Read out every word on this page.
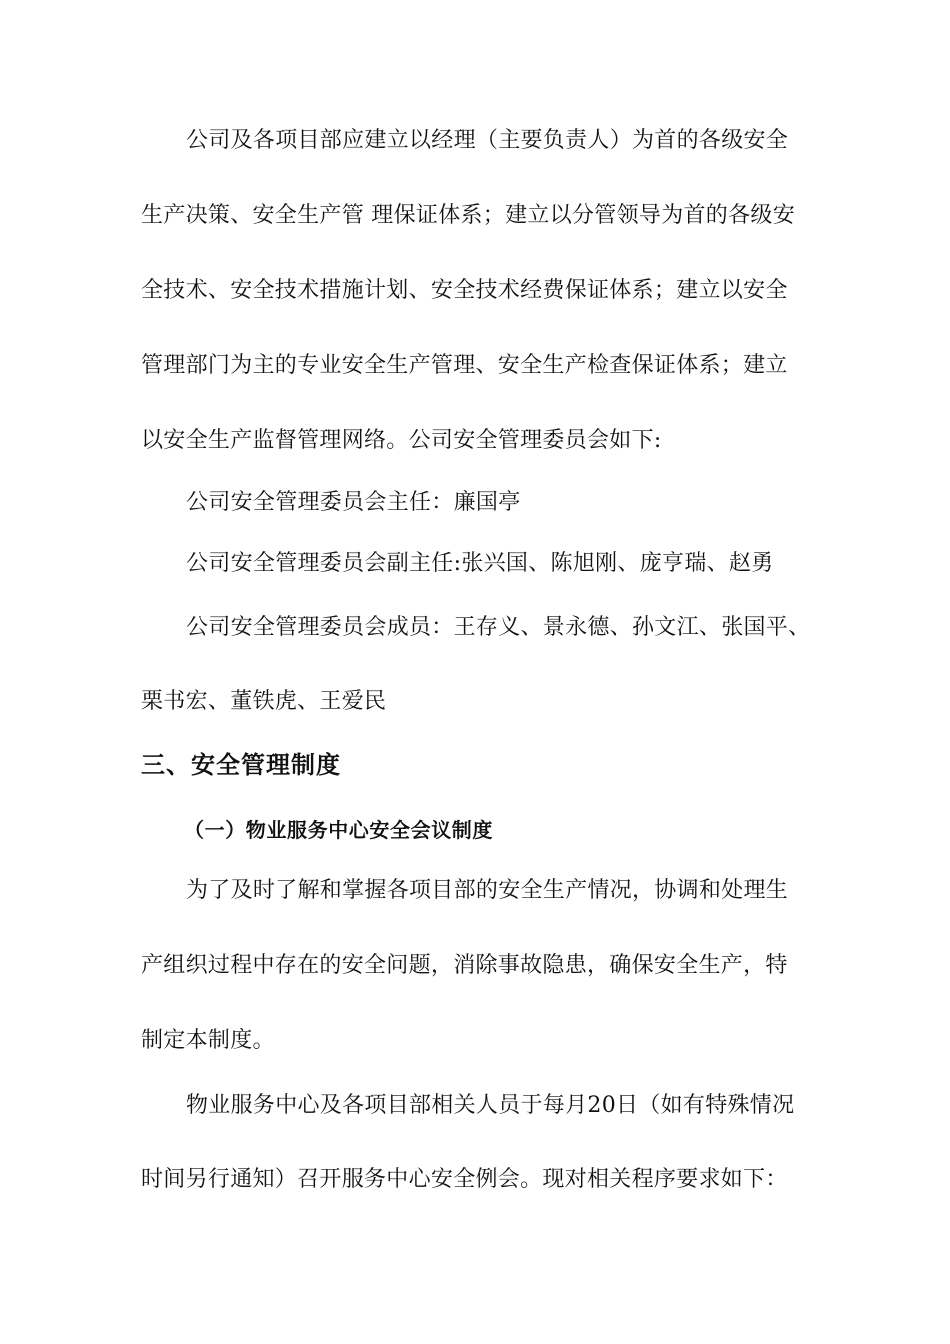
公司及各项目部应建立以经理（主要负责人）为首的各级安全
生产决策、安全生产管 理保证体系；建立以分管领导为首的各级安
全技术、安全技术措施计划、安全技术经费保证体系；建立以安全
管理部门为主的专业安全生产管理、安全生产检查保证体系；建立
以安全生产监督管理网络。公司安全管理委员会如下:
公司安全管理委员会主任：廉国亭
公司安全管理委员会副主任:张兴国、陈旭刚、庞亨瑞、赵勇
公司安全管理委员会成员：王存义、景永德、孙文江、张国平、
栗书宏、董铁虎、王爱民
三、安全管理制度
（一）物业服务中心安全会议制度
为了及时了解和掌握各项目部的安全生产情况，协调和处理生
产组织过程中存在的安全问题，消除事故隐患，确保安全生产，特
制定本制度。
物业服务中心及各项目部相关人员于每月20日（如有特殊情况
时间另行通知）召开服务中心安全例会。现对相关程序要求如下：
